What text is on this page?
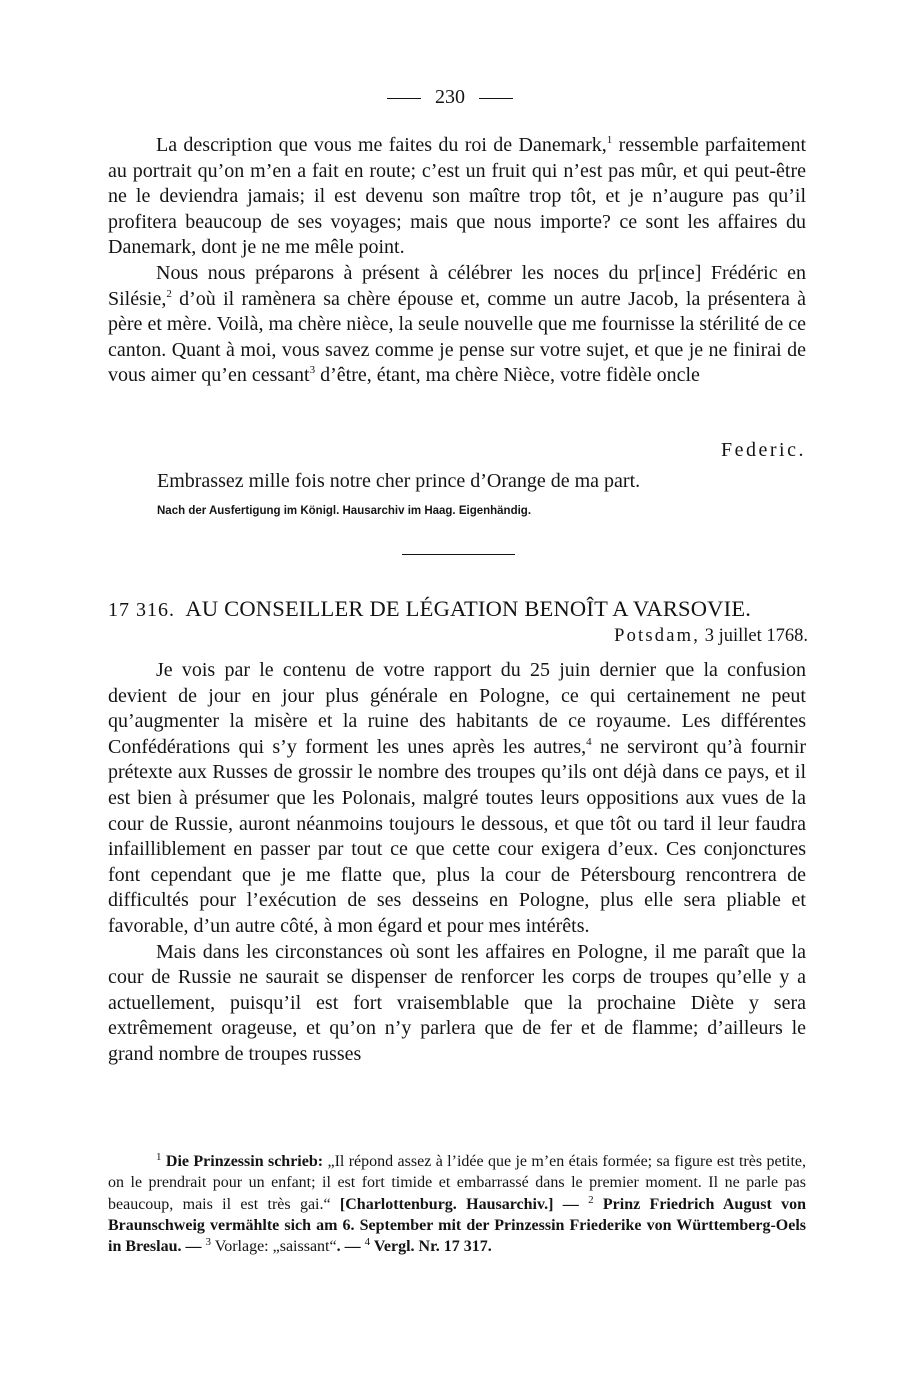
230

La description que vous me faites du roi de Danemark,$^1$ ressemble parfaitement au portrait qu’on m’en a fait en route; c’est un fruit qui n’est pas mûr, et qui peut-être ne le deviendra jamais; il est devenu son maître trop tôt, et je n’augure pas qu’il profitera beaucoup de ses voyages; mais que nous importe? ce sont les affaires du Danemark, dont je ne me mêle point.

Nous nous préparons à présent à célébrer les noces du pr[ince] Frédéric en Silésie,$^2$ d’où il ramènera sa chère épouse et, comme un autre Jacob, la présentera à père et mère. Voilà, ma chère nièce, la seule nouvelle que me fournisse la stérilité de ce canton. Quant à moi, vous savez comme je pense sur votre sujet, et que je ne finirai de vous aimer qu’en cessant$^3$ d’être, étant, ma chère Nièce, votre fidèle oncle

Federic.
Embrassez mille fois notre cher prince d’Orange de ma part.
Nach der Ausfertigung im Königl. Hausarchiv im Haag. Eigenhändig.
17 316. AU CONSEILLER DE LÉGATION BENOÎT A VARSOVIE.
Potsdam, 3 juillet 1768.

Je vois par le contenu de votre rapport du 25 juin dernier que la confusion devient de jour en jour plus générale en Pologne, ce qui certainement ne peut qu’augmenter la misère et la ruine des habitants de ce royaume. Les différentes Confédérations qui s’y forment les unes après les autres,$^4$ ne serviront qu’à fournir prétexte aux Russes de grossir le nombre des troupes qu’ils ont déjà dans ce pays, et il est bien à présumer que les Polonais, malgré toutes leurs oppositions aux vues de la cour de Russie, auront néanmoins toujours le dessous, et que tôt ou tard il leur faudra infailliblement en passer par tout ce que cette cour exigera d’eux. Ces conjonctures font cependant que je me flatte que, plus la cour de Pétersbourg rencontrera de difficultés pour l’exécution de ses desseins en Pologne, plus elle sera pliable et favorable, d’un autre côté, à mon égard et pour mes intérêts.

Mais dans les circonstances où sont les affaires en Pologne, il me paraît que la cour de Russie ne saurait se dispenser de renforcer les corps de troupes qu’elle y a actuellement, puisqu’il est fort vraisemblable que la prochaine Diète y sera extrêmement orageuse, et qu’on n’y parlera que de fer et de flamme; d’ailleurs le grand nombre de troupes russes

$^1$ Die Prinzessin schrieb: „Il répond assez à l’idée que je m’en étais formée; sa figure est très petite, on le prendrait pour un enfant; il est fort timide et embarrassé dans le premier moment. Il ne parle pas beaucoup, mais il est très gai.“ [Charlottenburg. Hausarchiv.] — $^2$ Prinz Friedrich August von Braunschweig vermählte sich am 6. September mit der Prinzessin Friederike von Württemberg-Oels in Breslau. — $^3$ Vorlage: „saissant“. — $^4$ Vergl. Nr. 17 317.
